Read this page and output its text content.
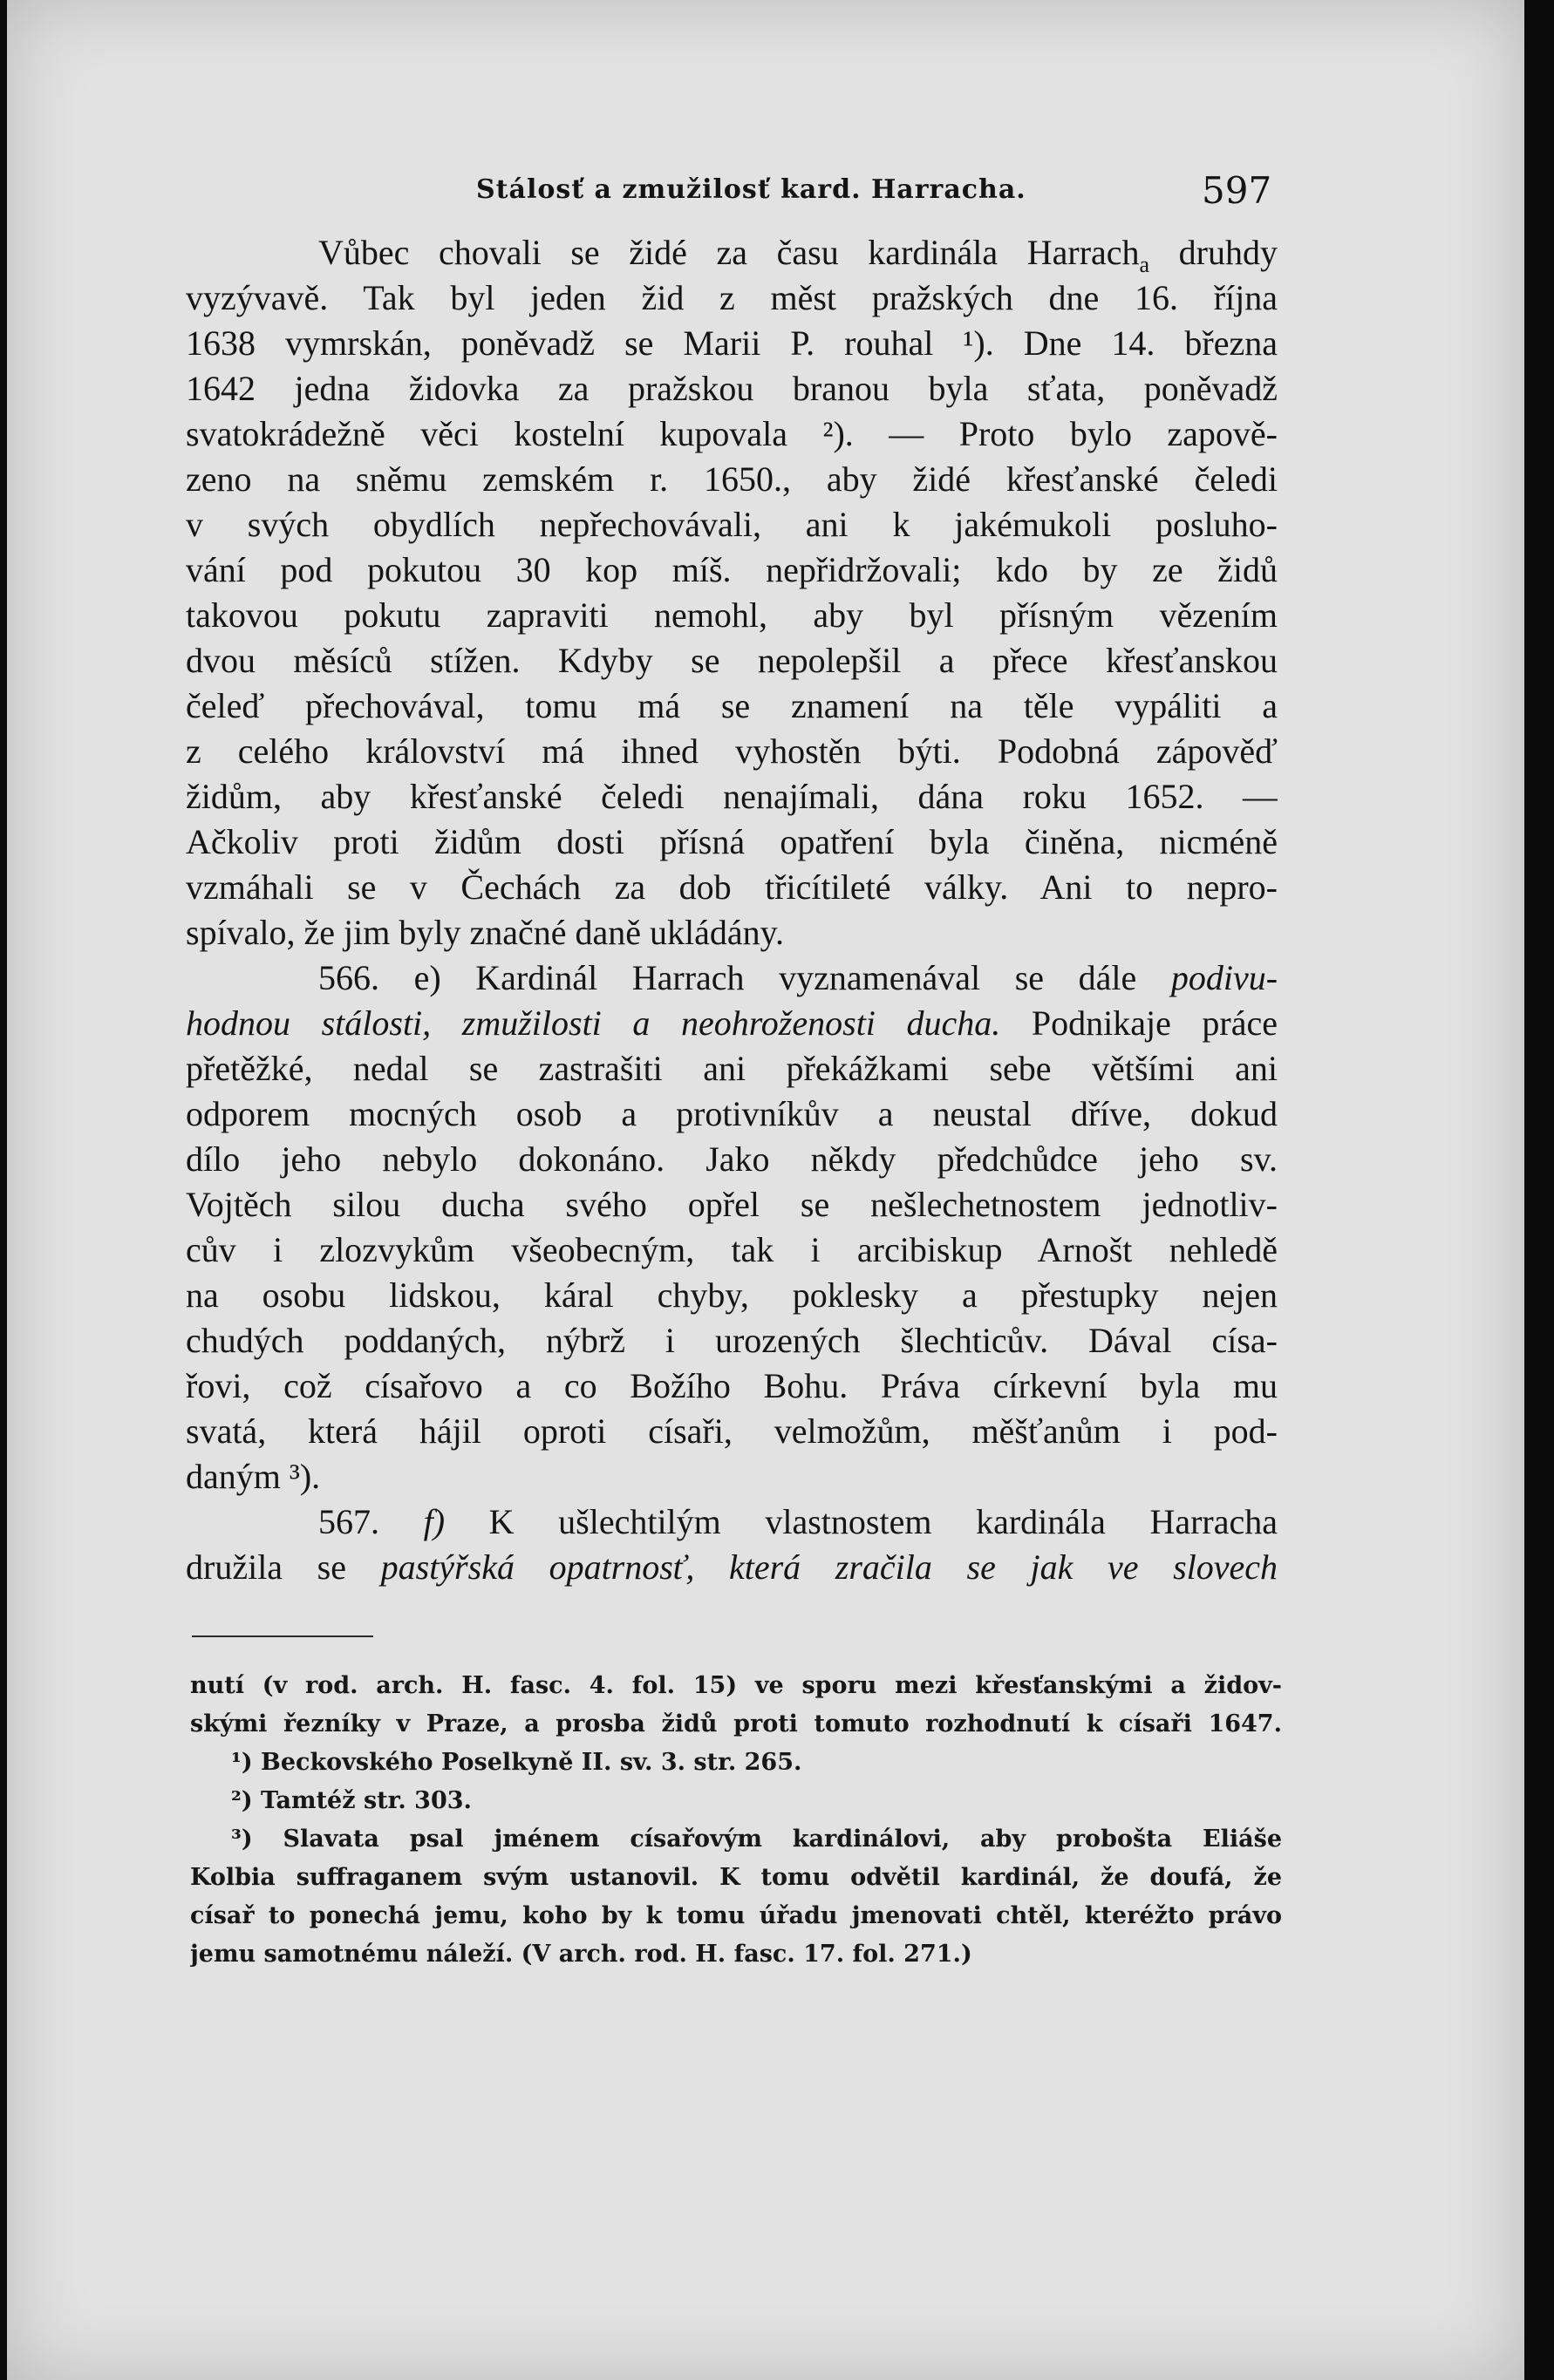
Stálosť a zmužilosť kard. Harracha.	597
Vůbec chovali se židé za času kardinála Harrach$_a$ druhdy
vyzývavě. Tak byl jeden žid z měst pražských dne 16. října
1638 vymrskán, poněvadž se Marii P. rouhal ¹). Dne 14. března
1642 jedna židovka za pražskou branou byla sťata, poněvadž
svatokrádežně věci kostelní kupovala ²). — Proto bylo zapově-
zeno na sněmu zemském r. 1650., aby židé křesťanské čeledi
v svých obydlích nepřechovávali, ani k jakémukoli posluho-
vání pod pokutou 30 kop míš. nepřidržovali; kdo by ze židů
takovou pokutu zapraviti nemohl, aby byl přísným vězením
dvou měsíců stížen. Kdyby se nepolepšil a přece křesťanskou
čeleď přechovával, tomu má se znamení na těle vypáliti a
z celého království má ihned vyhostěn býti. Podobná zápověď
židům, aby křesťanské čeledi nenajímali, dána roku 1652. —
Ačkoliv proti židům dosti přísná opatření byla činěna, nicméně
vzmáhali se v Čechách za dob třicítileté války. Ani to nepro-
spívalo, že jim byly značné daně ukládány.
566. e) Kardinál Harrach vyznamenával se dále podivu-
hodnou stálosti, zmužilosti a neohroženosti ducha. Podnikaje práce
přetěžké, nedal se zastrašiti ani překážkami sebe většími ani
odporem mocných osob a protivníkův a neustal dříve, dokud
dílo jeho nebylo dokonáno. Jako někdy předchůdce jeho sv.
Vojtěch silou ducha svého opřel se nešlechetnostem jednotliv-
cův i zlozvykům všeobecným, tak i arcibiskup Arnošt nehledě
na osobu lidskou, káral chyby, poklesky a přestupky nejen
chudých poddaných, nýbrž i urozených šlechticův. Dával císa-
řovi, což císařovo a co Božího Bohu. Práva církevní byla mu
svatá, která hájil oproti císaři, velmožům, měšťanům i pod-
daným ³).
567. f) K ušlechtilým vlastnostem kardinála Harracha
družila se pastýřská opatrnosť, která zračila se jak ve slovech
nutí (v rod. arch. H. fasc. 4. fol. 15) ve sporu mezi křesťanskými a židov-
skými řezníky v Praze, a prosba židů proti tomuto rozhodnutí k císaři 1647.
¹) Beckovského Poselkyně II. sv. 3. str. 265.
²) Tamtéž str. 303.
³) Slavata psal jménem císařovým kardinálovi, aby probošta Eliáše
Kolbia suffraganem svým ustanovil. K tomu odvětil kardinál, že doufá, že
císař to ponechá jemu, koho by k tomu úřadu jmenovati chtěl, kteréžto právo
jemu samotnému náleží. (V arch. rod. H. fasc. 17. fol. 271.)
